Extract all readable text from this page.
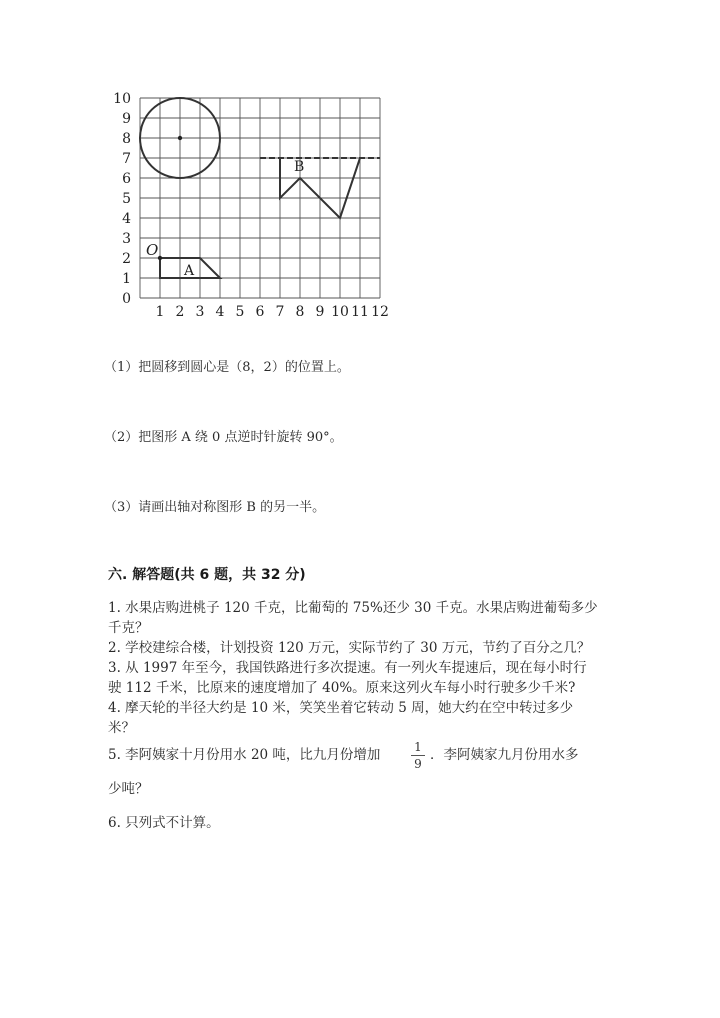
1 2 3 4 5 6 7 8 9 10 11 12
0
1
2
3
4
5
6
7
8
9
10
A
O
B
（1）把圆移到圆心是（8，2）的位置上。
（2）把图形 A 绕 0 点逆时针旋转 90°。
（3）请画出轴对称图形 B 的另一半。
六. 解答题(共 6 题，共 32 分)
1. 水果店购进桃子 120 千克，比葡萄的 75%还少 30 千克。水果店购进葡萄多少
千克？
2. 学校建综合楼，计划投资 120 万元，实际节约了 30 万元，节约了百分之几？
3. 从 1997 年至今，我国铁路进行多次提速。有一列火车提速后，现在每小时行
驶 112 千米，比原来的速度增加了 40%。原来这列火车每小时行驶多少千米?
4. 摩天轮的半径大约是 10 米，笑笑坐着它转动 5 周，她大约在空中转过多少
米？
5. 李阿姨家十月份用水 20 吨，比九月份增加	1
9
．李阿姨家九月份用水多
少吨？
6. 只列式不计算。
